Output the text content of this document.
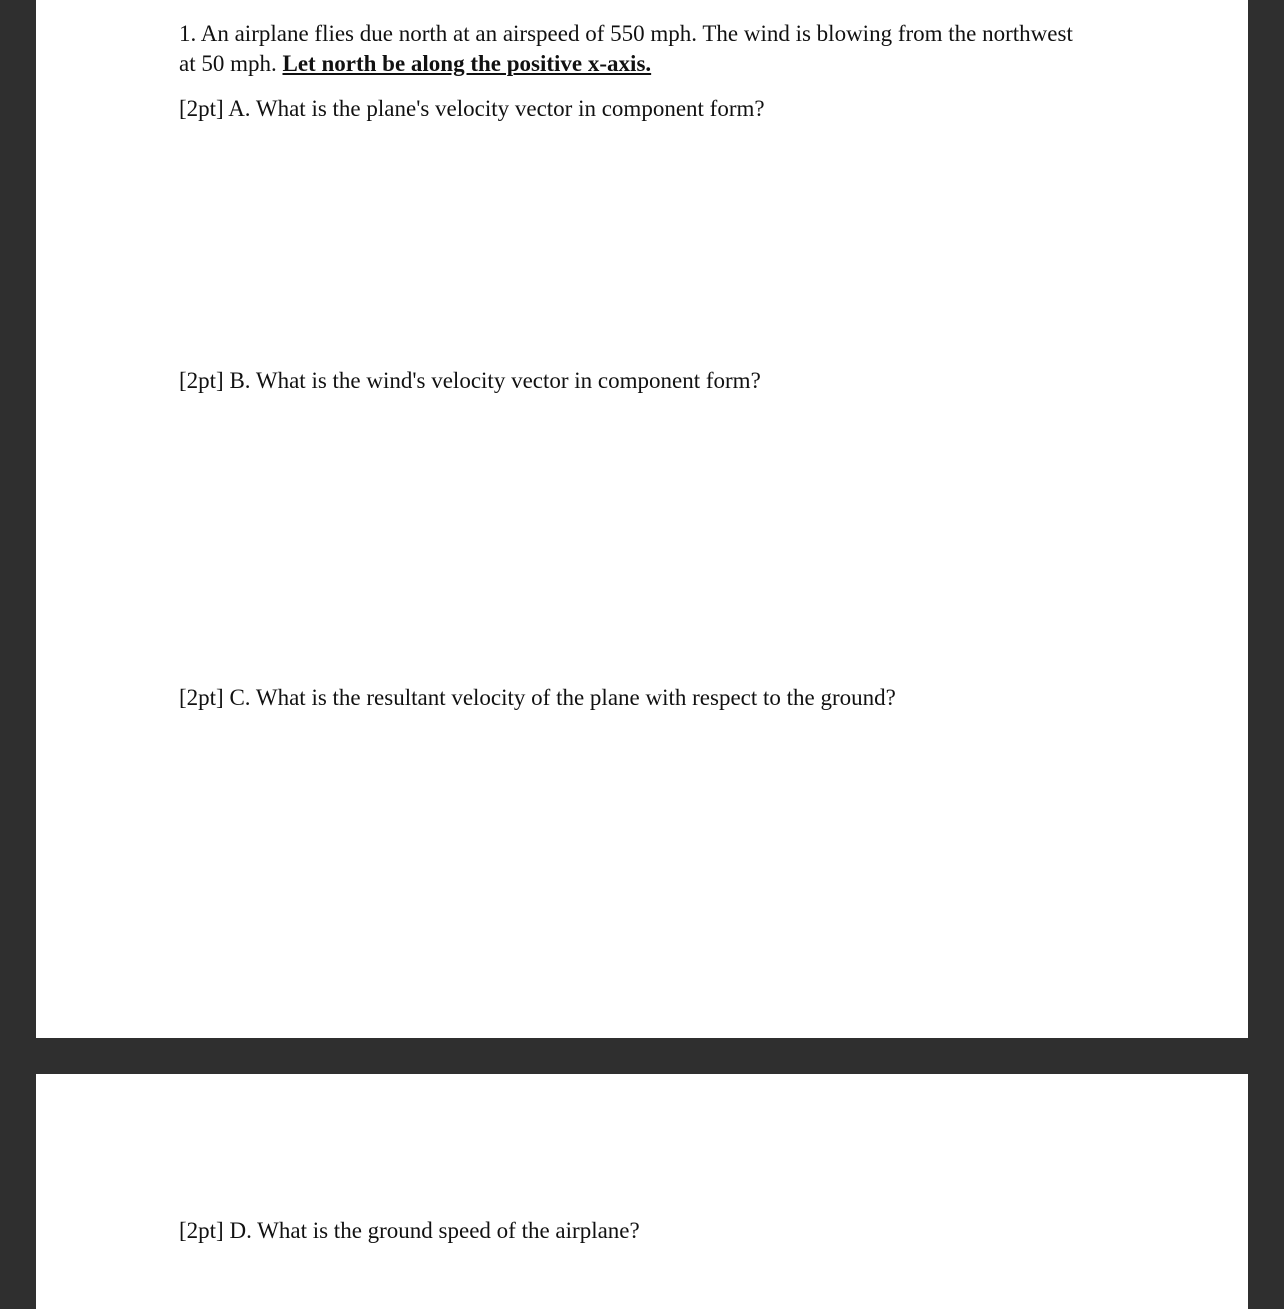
1. An airplane flies due north at an airspeed of 550 mph. The wind is blowing from the northwest
at 50 mph. Let north be along the positive x-axis.
[2pt] A. What is the plane's velocity vector in component form?
[2pt] B. What is the wind's velocity vector in component form?
[2pt] C. What is the resultant velocity of the plane with respect to the ground?
[2pt] D. What is the ground speed of the airplane?
